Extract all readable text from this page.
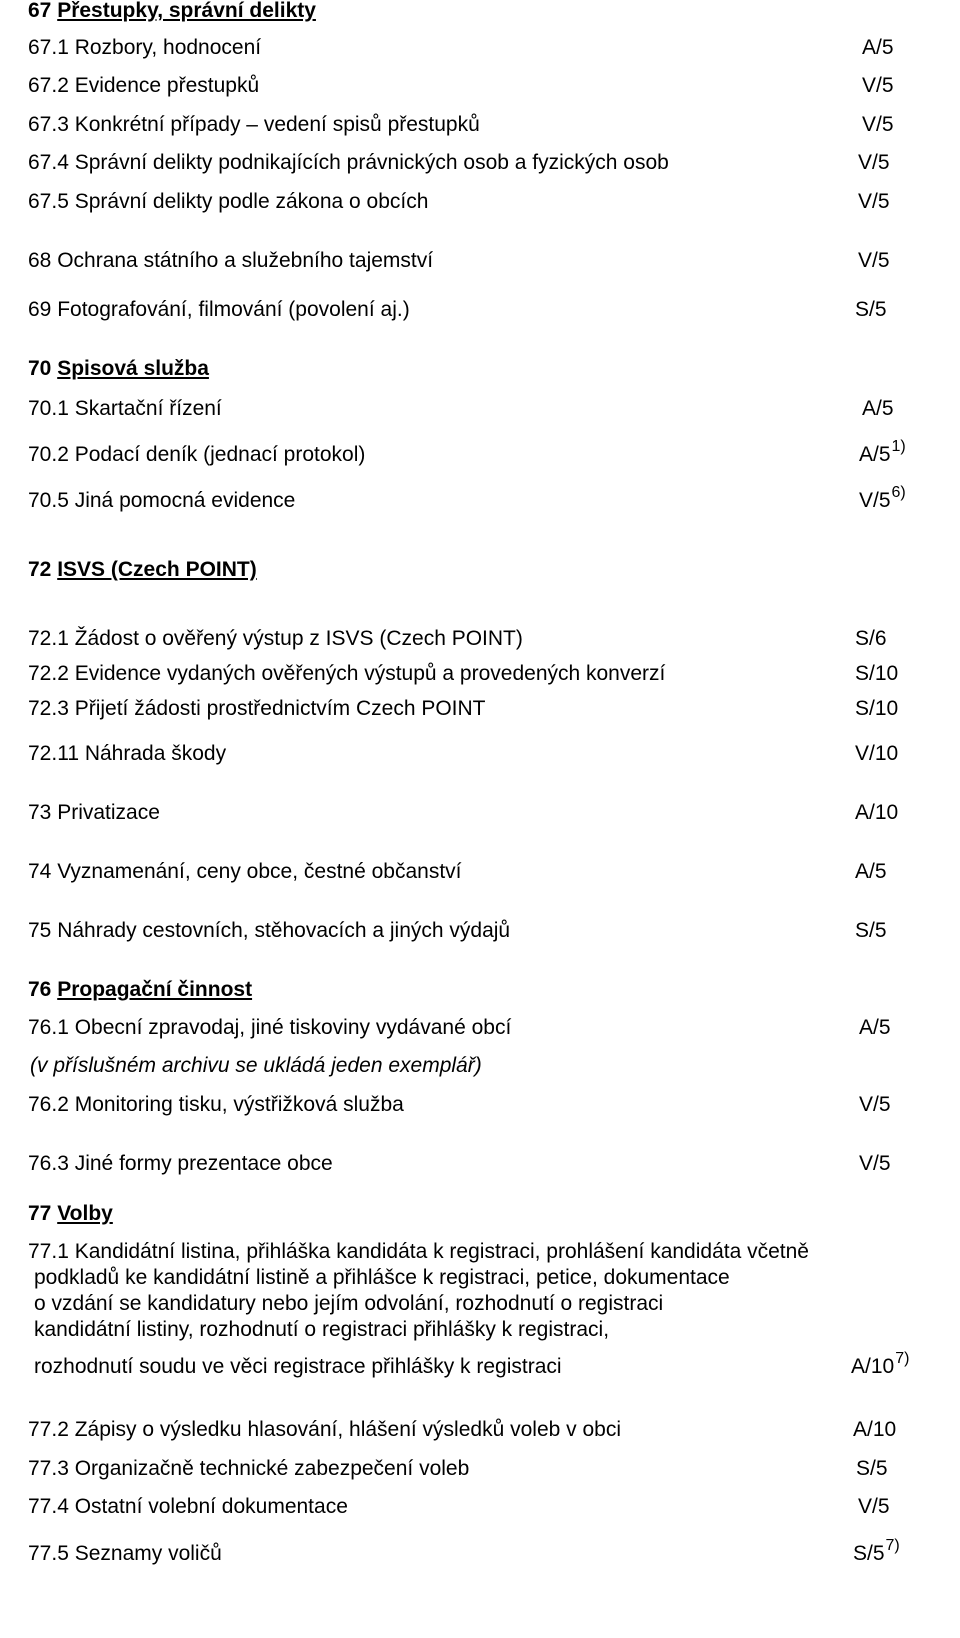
67 Přestupky, správní delikty
67.1 Rozbory, hodnocení	A/5
67.2 Evidence přestupků	V/5
67.3 Konkrétní případy – vedení spisů přestupků	V/5
67.4 Správní delikty podnikajících právnických osob a fyzických osob	V/5
67.5 Správní delikty podle zákona o obcích	V/5
68 Ochrana státního a služebního tajemství	V/5
69 Fotografování, filmování (povolení aj.)	S/5
70 Spisová služba
70.1 Skartační řízení	A/5
70.2 Podací deník (jednací protokol)	A/5$^{1)}$
70.5 Jiná pomocná evidence	V/5$^{6)}$
72 ISVS (Czech POINT)
72.1 Žádost o ověřený výstup z ISVS (Czech POINT)	S/6
72.2 Evidence vydaných ověřených výstupů a provedených konverzí	S/10
72.3 Přijetí žádosti prostřednictvím Czech POINT	S/10
72.11 Náhrada škody	V/10
73 Privatizace	A/10
74 Vyznamenání, ceny obce, čestné občanství	A/5
75 Náhrady cestovních, stěhovacích a jiných výdajů	S/5
76 Propagační činnost
76.1 Obecní zpravodaj, jiné tiskoviny vydávané obcí	A/5
(v příslušném archivu se ukládá jeden exemplář)
76.2 Monitoring tisku, výstřižková služba	V/5
76.3 Jiné formy prezentace obce	V/5
77 Volby
77.1 Kandidátní listina, přihláška kandidáta k registraci, prohlášení kandidáta včetně
podkladů ke kandidátní listině a přihlášce k registraci, petice, dokumentace
o vzdání se kandidatury nebo jejím odvolání, rozhodnutí o registraci
kandidátní listiny, rozhodnutí o registraci přihlášky k registraci,
rozhodnutí soudu ve věci registrace přihlášky k registraci	A/10$^{7)}$
77.2 Zápisy o výsledku hlasování, hlášení výsledků voleb v obci	A/10
77.3 Organizačně technické zabezpečení voleb	S/5
77.4 Ostatní volební dokumentace	V/5
77.5 Seznamy voličů	S/5$^{7)}$
